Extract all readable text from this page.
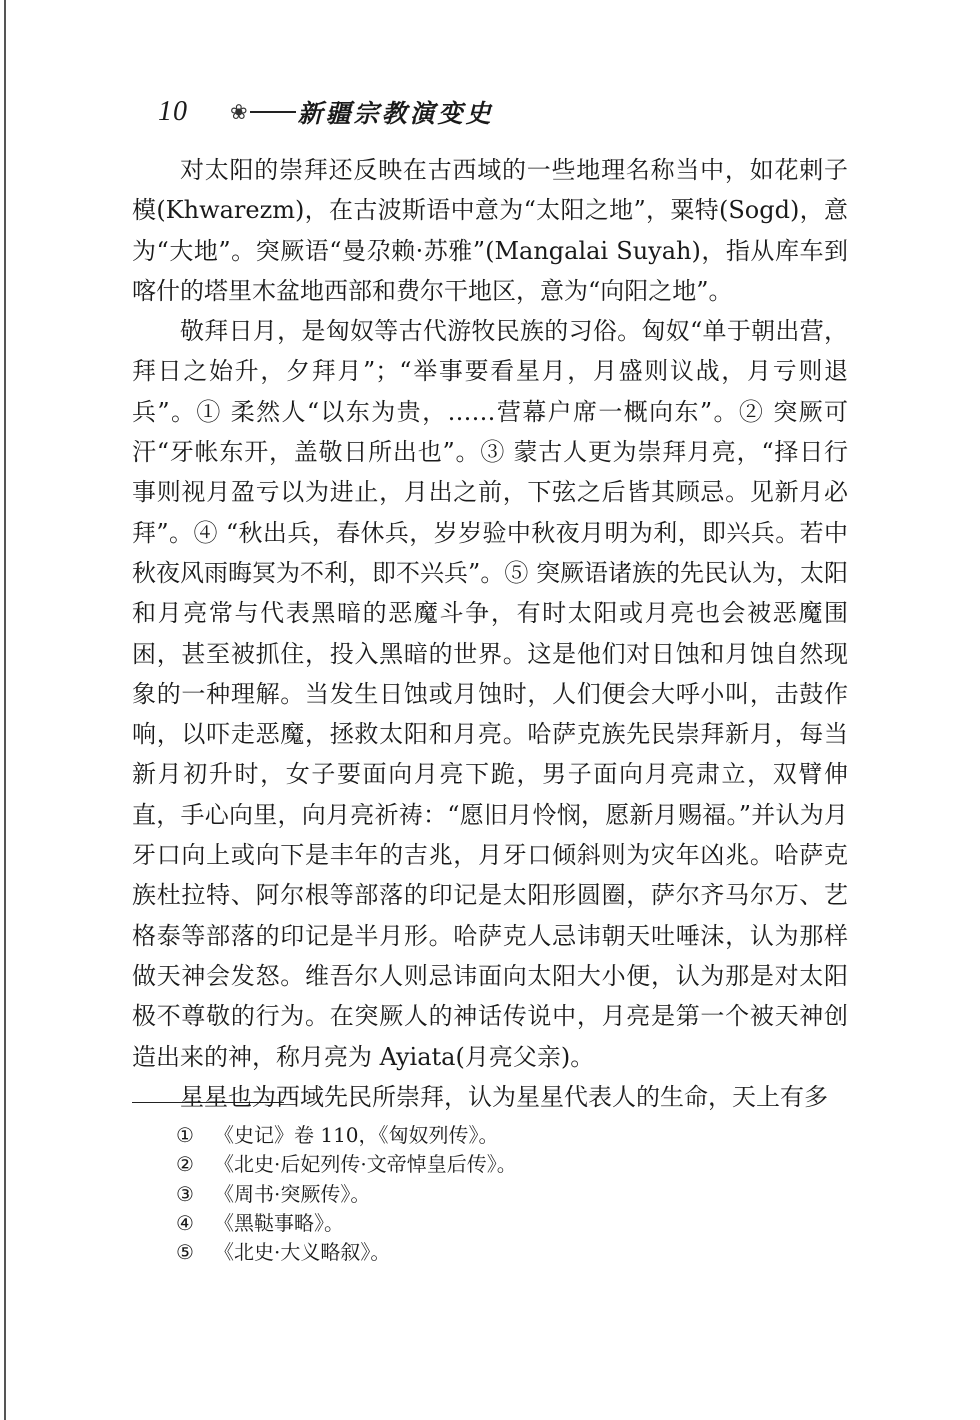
10 ❀ 新疆宗教演变史

对太阳的崇拜还反映在古西域的一些地理名称当中，如花剌子模(Khwarezm)，在古波斯语中意为“太阳之地”，粟特(Sogd)，意为“大地”。突厥语“曼尕赖·苏雅”(Mangalai Suyah)，指从库车到喀什的塔里木盆地西部和费尔干地区，意为“向阳之地”。

敬拜日月，是匈奴等古代游牧民族的习俗。匈奴“单于朝出营，拜日之始升，夕拜月”；“举事要看星月，月盛则议战，月亏则退兵”。① 柔然人“以东为贵，……营幕户席一概向东”。② 突厥可汗“牙帐东开，盖敬日所出也”。③ 蒙古人更为崇拜月亮，“择日行事则视月盈亏以为进止，月出之前，下弦之后皆其顾忌。见新月必拜”。④ “秋出兵，春休兵，岁岁验中秋夜月明为利，即兴兵。若中秋夜风雨晦冥为不利，即不兴兵”。⑤ 突厥语诸族的先民认为，太阳和月亮常与代表黑暗的恶魔斗争，有时太阳或月亮也会被恶魔围困，甚至被抓住，投入黑暗的世界。这是他们对日蚀和月蚀自然现象的一种理解。当发生日蚀或月蚀时，人们便会大呼小叫，击鼓作响，以吓走恶魔，拯救太阳和月亮。哈萨克族先民崇拜新月，每当新月初升时，女子要面向月亮下跪，男子面向月亮肃立，双臂伸直，手心向里，向月亮祈祷：“愿旧月怜悯，愿新月赐福。”并认为月牙口向上或向下是丰年的吉兆，月牙口倾斜则为灾年凶兆。哈萨克族杜拉特、阿尔根等部落的印记是太阳形圆圈，萨尔齐马尔万、艺格泰等部落的印记是半月形。哈萨克人忌讳朝天吐唾沫，认为那样做天神会发怒。维吾尔人则忌讳面向太阳大小便，认为那是对太阳极不尊敬的行为。在突厥人的神话传说中，月亮是第一个被天神创造出来的神，称月亮为 Ayiata(月亮父亲)。

星星也为西域先民所崇拜，认为星星代表人的生命，天上有多

①	《史记》卷 110，《匈奴列传》。
②	《北史·后妃列传·文帝悼皇后传》。
③	《周书·突厥传》。
④	《黑鞑事略》。
⑤	《北史·大义略叙》。
